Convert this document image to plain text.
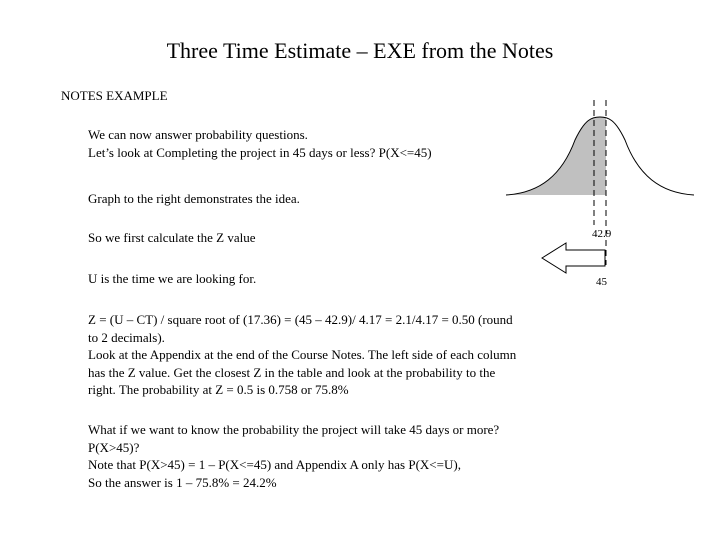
Three Time Estimate – EXE from the Notes
NOTES EXAMPLE
We can now answer probability questions.
Let’s look at Completing the project in 45 days or less? P(X<=45)
Graph to the right demonstrates the idea.
So we first calculate the Z value
U is the time we are looking for.
Z = (U – CT) / square root of (17.36) = (45 – 42.9)/ 4.17 = 2.1/4.17 = 0.50 (round
to 2 decimals).
Look at the Appendix at the end of the Course Notes. The left side of each column
has the Z value. Get the closest Z in the table and look at the probability to the
right. The probability at Z = 0.5 is 0.758 or 75.8%
What if we want to know the probability the project will take 45 days or more?
P(X>45)?
Note that P(X>45) = 1 – P(X<=45) and Appendix A only has P(X<=U),
So the answer is 1 – 75.8% = 24.2%
42.9
45
